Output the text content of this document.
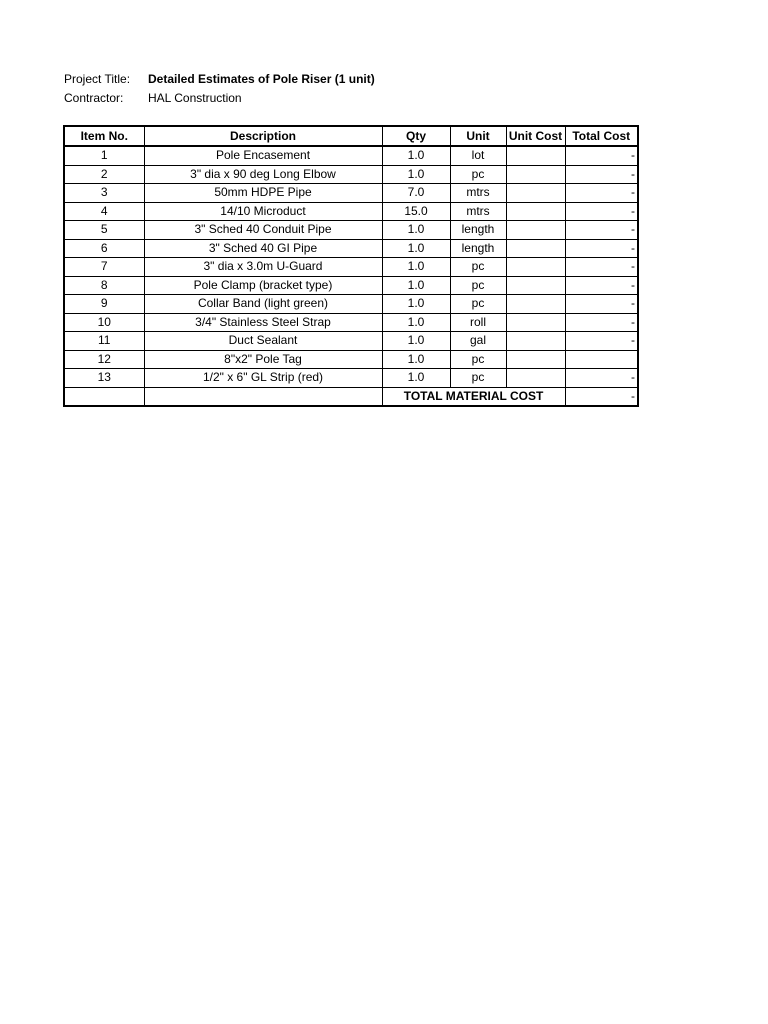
Project Title:	Detailed Estimates of Pole Riser (1 unit)
Contractor:	HAL Construction
Item No.	Description	Qty	Unit	Unit Cost	Total Cost
1	Pole Encasement	1.0	lot		-
2	3" dia x 90 deg Long Elbow	1.0	pc		-
3	50mm HDPE Pipe	7.0	mtrs		-
4	14/10 Microduct	15.0	mtrs		-
5	3" Sched 40 Conduit Pipe	1.0	length		-
6	3" Sched 40 GI Pipe	1.0	length		-
7	3" dia x 3.0m U-Guard	1.0	pc		-
8	Pole Clamp (bracket type)	1.0	pc		-
9	Collar Band (light green)	1.0	pc		-
10	3/4" Stainless Steel Strap	1.0	roll		-
11	Duct Sealant	1.0	gal		-
12	8"x2" Pole Tag	1.0	pc		
13	1/2" x 6" GL Strip (red)	1.0	pc		-
		TOTAL MATERIAL COST			-
